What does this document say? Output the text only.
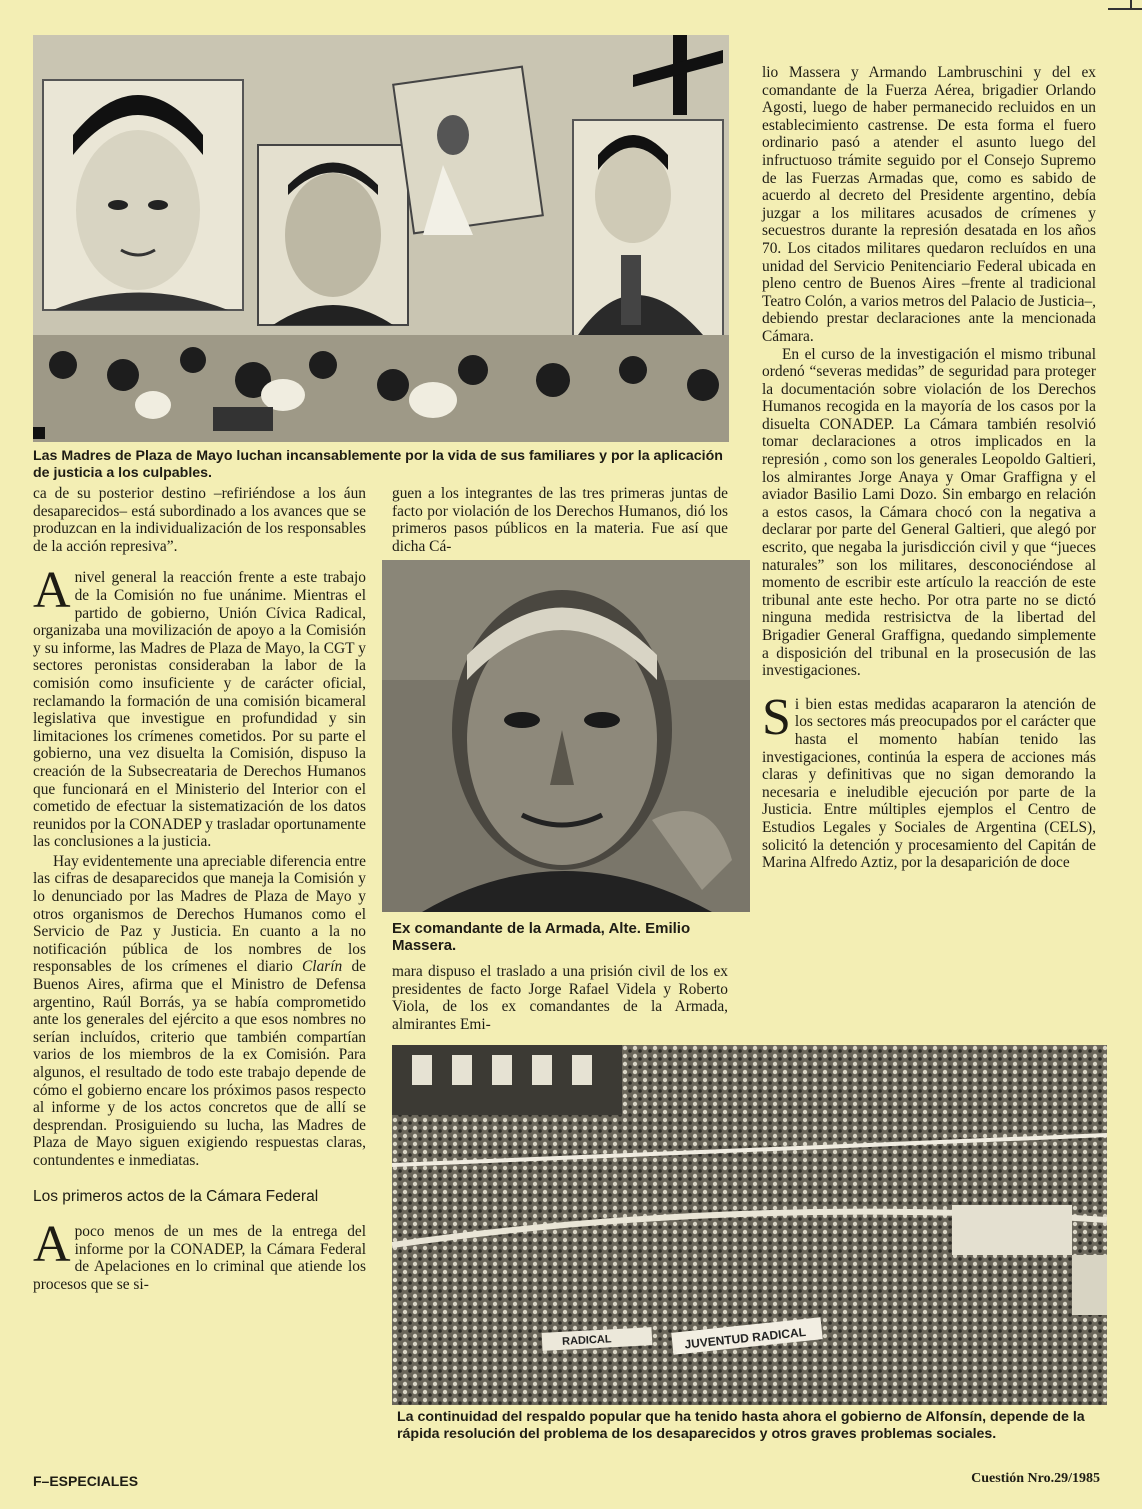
Las Madres de Plaza de Mayo luchan incansablemente por la vida de sus familiares y por la aplicación de justicia a los culpables.

ca de su posterior destino –refiriéndose a los áun desaparecidos– está subordinado a los avances que se produzcan en la individualización de los responsables de la acción represiva”.

Anivel general la reacción frente a este trabajo de la Comisión no fue unánime. Mientras el partido de gobierno, Unión Cívica Radical, organizaba una movilización de apoyo a la Comisión y su informe, las Madres de Plaza de Mayo, la CGT y sectores peronistas consideraban la labor de la comisión como insuficiente y de carácter oficial, reclamando la formación de una comisión bicameral legislativa que investigue en profundidad y sin limitaciones los crímenes cometidos. Por su parte el gobierno, una vez disuelta la Comisión, dispuso la creación de la Subsecreataria de Derechos Humanos que funcionará en el Ministerio del Interior con el cometido de efectuar la sistematización de los datos reunidos por la CONADEP y trasladar oportunamente las conclusiones a la justicia.

Hay evidentemente una apreciable diferencia entre las cifras de desaparecidos que maneja la Comisión y lo denunciado por las Madres de Plaza de Mayo y otros organismos de Derechos Humanos como el Servicio de Paz y Justicia. En cuanto a la no notificación pública de los nombres de los responsables de los crímenes el diario Clarín de Buenos Aires, afirma que el Ministro de Defensa argentino, Raúl Borrás, ya se había comprometido ante los generales del ejército a que esos nombres no serían incluídos, criterio que también compartían varios de los miembros de la ex Comisión. Para algunos, el resultado de todo este trabajo depende de cómo el gobierno encare los próximos pasos respecto al informe y de los actos concretos que de allí se desprendan. Prosiguiendo su lucha, las Madres de Plaza de Mayo siguen exigiendo respuestas claras, contundentes e inmediatas.

Los primeros actos de la Cámara Federal

Apoco menos de un mes de la entrega del informe por la CONADEP, la Cámara Federal de Apelaciones en lo criminal que atiende los procesos que se si-

guen a los integrantes de las tres primeras juntas de facto por violación de los Derechos Humanos, dió los primeros pasos públicos en la materia. Fue así que dicha Cá-

Ex comandante de la Armada, Alte. Emilio Massera.

mara dispuso el traslado a una prisión civil de los ex presidentes de facto Jorge Rafael Videla y Roberto Viola, de los ex comandantes de la Armada, almirantes Emi-

lio Massera y Armando Lambruschini y del ex comandante de la Fuerza Aérea, brigadier Orlando Agosti, luego de haber permanecido recluidos en un establecimiento castrense. De esta forma el fuero ordinario pasó a atender el asunto luego del infructuoso trámite seguido por el Consejo Supremo de las Fuerzas Armadas que, como es sabido de acuerdo al decreto del Presidente argentino, debía juzgar a los militares acusados de crímenes y secuestros durante la represión desatada en los años 70. Los citados militares quedaron recluídos en una unidad del Servicio Penitenciario Federal ubicada en pleno centro de Buenos Aires –frente al tradicional Teatro Colón, a varios metros del Palacio de Justicia–, debiendo prestar declaraciones ante la mencionada Cámara.

En el curso de la investigación el mismo tribunal ordenó “severas medidas” de seguridad para proteger la documentación sobre violación de los Derechos Humanos recogida en la mayoría de los casos por la disuelta CONADEP. La Cámara también resolvió tomar declaraciones a otros implicados en la represión , como son los generales Leopoldo Galtieri, los almirantes Jorge Anaya y Omar Graffigna y el aviador Basilio Lami Dozo. Sin embargo en relación a estos casos, la Cámara chocó con la negativa a declarar por parte del General Galtieri, que alegó por escrito, que negaba la jurisdicción civil y que “jueces naturales” son los militares, desconociéndose al momento de escribir este artículo la reacción de este tribunal ante este hecho. Por otra parte no se dictó ninguna medida restrisictva de la libertad del Brigadier General Graffigna, quedando simplemente a disposición del tribunal en la prosecusión de las investigaciones.

Si bien estas medidas acapararon la atención de los sectores más preocupados por el carácter que hasta el momento habían tenido las investigaciones, continúa la espera de acciones más claras y definitivas que no sigan demorando la necesaria e ineludible ejecución por parte de la Justicia. Entre múltiples ejemplos el Centro de Estudios Legales y Sociales de Argentina (CELS), solicitó la detención y procesamiento del Capitán de Marina Alfredo Aztiz, por la desaparición de doce

JUVENTUD RADICAL
RADICAL
La continuidad del respaldo popular que ha tenido hasta ahora el gobierno de Alfonsín, depende de la rápida resolución del problema de los desaparecidos y otros graves problemas sociales.
F–ESPECIALES	Cuestión Nro.29/1985
